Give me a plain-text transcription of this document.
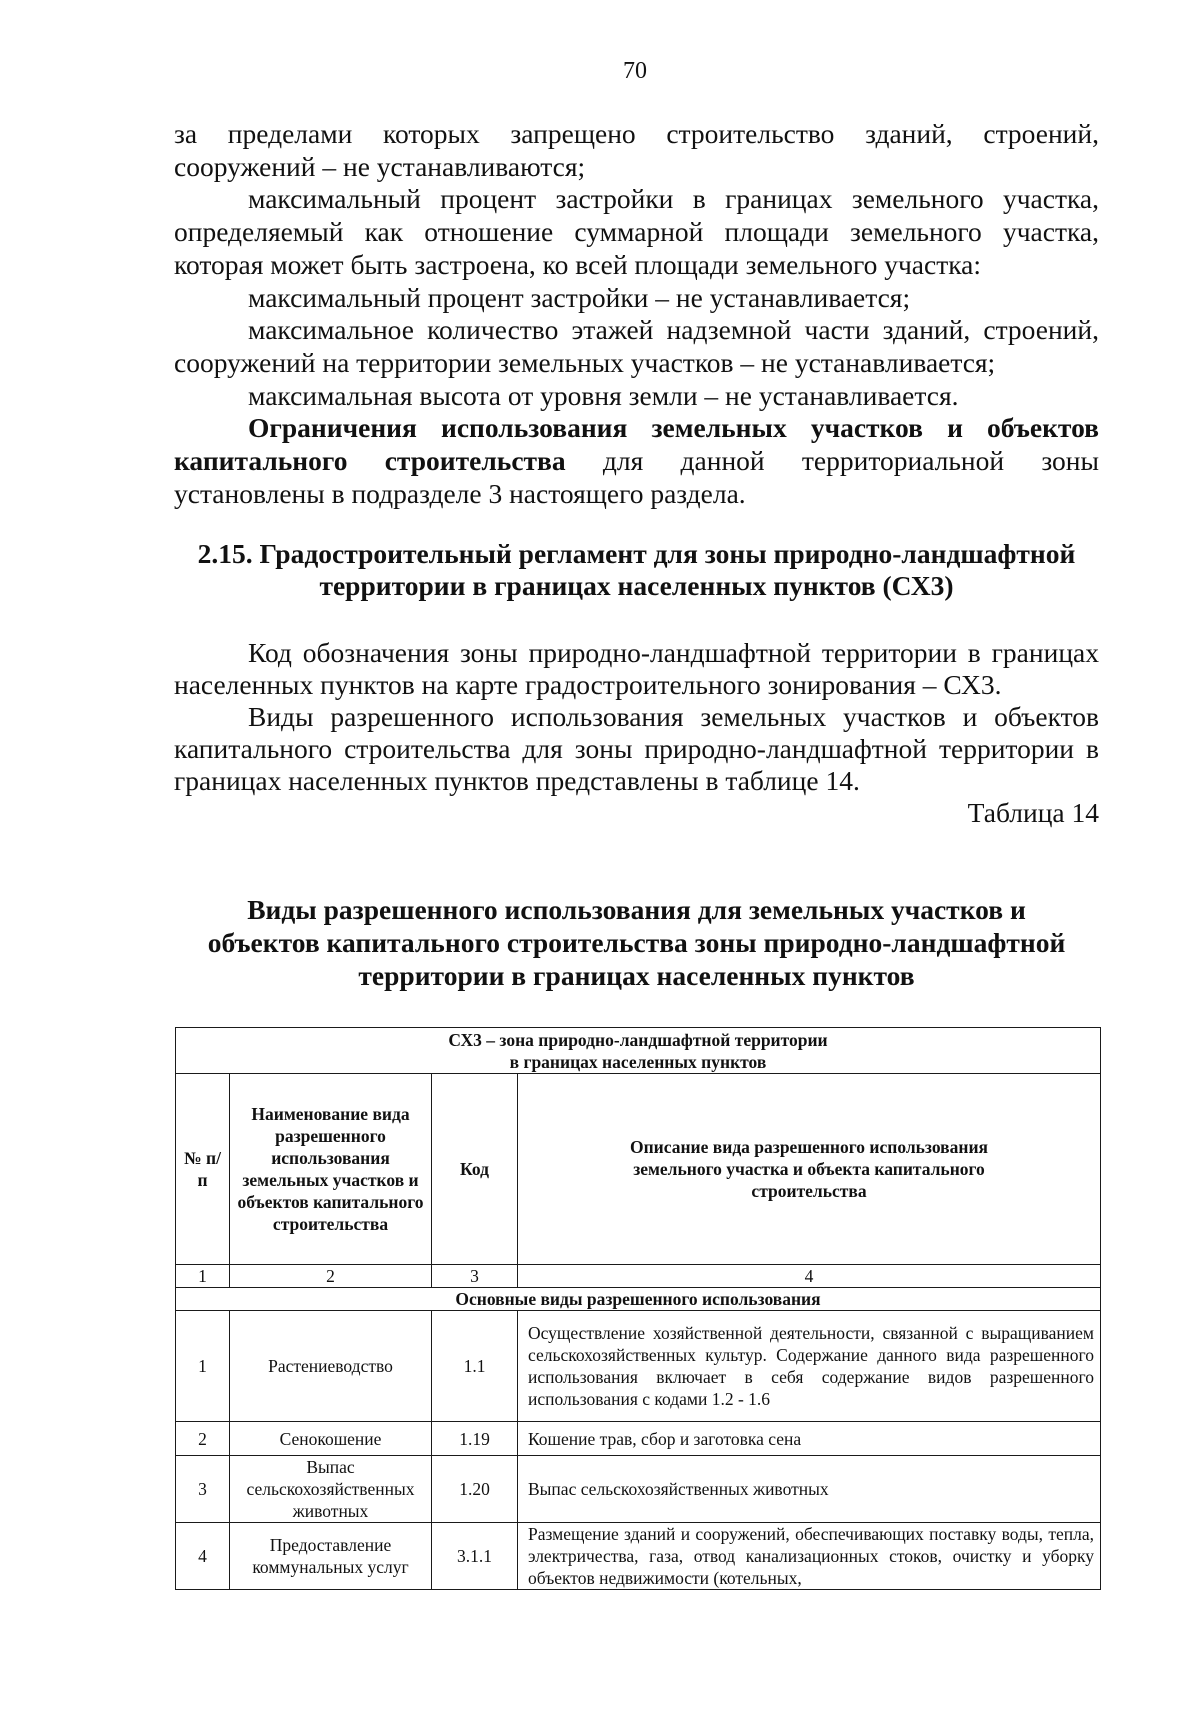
70

за пределами которых запрещено строительство зданий, строений, сооружений – не устанавливаются;

максимальный процент застройки в границах земельного участка, определяемый как отношение суммарной площади земельного участка, которая может быть застроена, ко всей площади земельного участка:

максимальный процент застройки – не устанавливается;

максимальное количество этажей надземной части зданий, строений, сооружений на территории земельных участков – не устанавливается;

максимальная высота от уровня земли – не устанавливается.

Ограничения использования земельных участков и объектов капитального строительства для данной территориальной зоны установлены в подразделе 3 настоящего раздела.

2.15. Градостроительный регламент для зоны природно-ландшафтной
территории в границах населенных пунктов (СХ3)

Код обозначения зоны природно-ландшафтной территории в границах населенных пунктов на карте градостроительного зонирования – СХ3.

Виды разрешенного использования земельных участков и объектов капитального строительства для зоны природно-ландшафтной территории в границах населенных пунктов представлены в таблице 14.

Таблица 14
Виды разрешенного использования для земельных участков и
объектов капитального строительства зоны природно-ландшафтной
территории в границах населенных пунктов
СХ3 – зона природно-ландшафтной территории
в границах населенных пунктов			

№ п/п	Наименование вида разрешенного использования земельных участков и объектов капитального строительства	Код	Описание вида разрешенного использования земельного участка и объекта капитального строительства
1	2	3	4
Основные виды разрешенного использования			
1	Растениеводство	1.1	Осуществление хозяйственной деятельности, связанной с выращиванием сельскохозяйственных культур. Содержание данного вида разрешенного использования включает в себя содержание видов разрешенного использования с кодами 1.2 - 1.6
2	Сенокошение	1.19	Кошение трав, сбор и заготовка сена
3	Выпас сельскохозяйственных животных	1.20	Выпас сельскохозяйственных животных
4	Предоставление коммунальных услуг	3.1.1	Размещение зданий и сооружений, обеспечивающих поставку воды, тепла, электричества, газа, отвод канализационных стоков, очистку и уборку объектов недвижимости (котельных,
